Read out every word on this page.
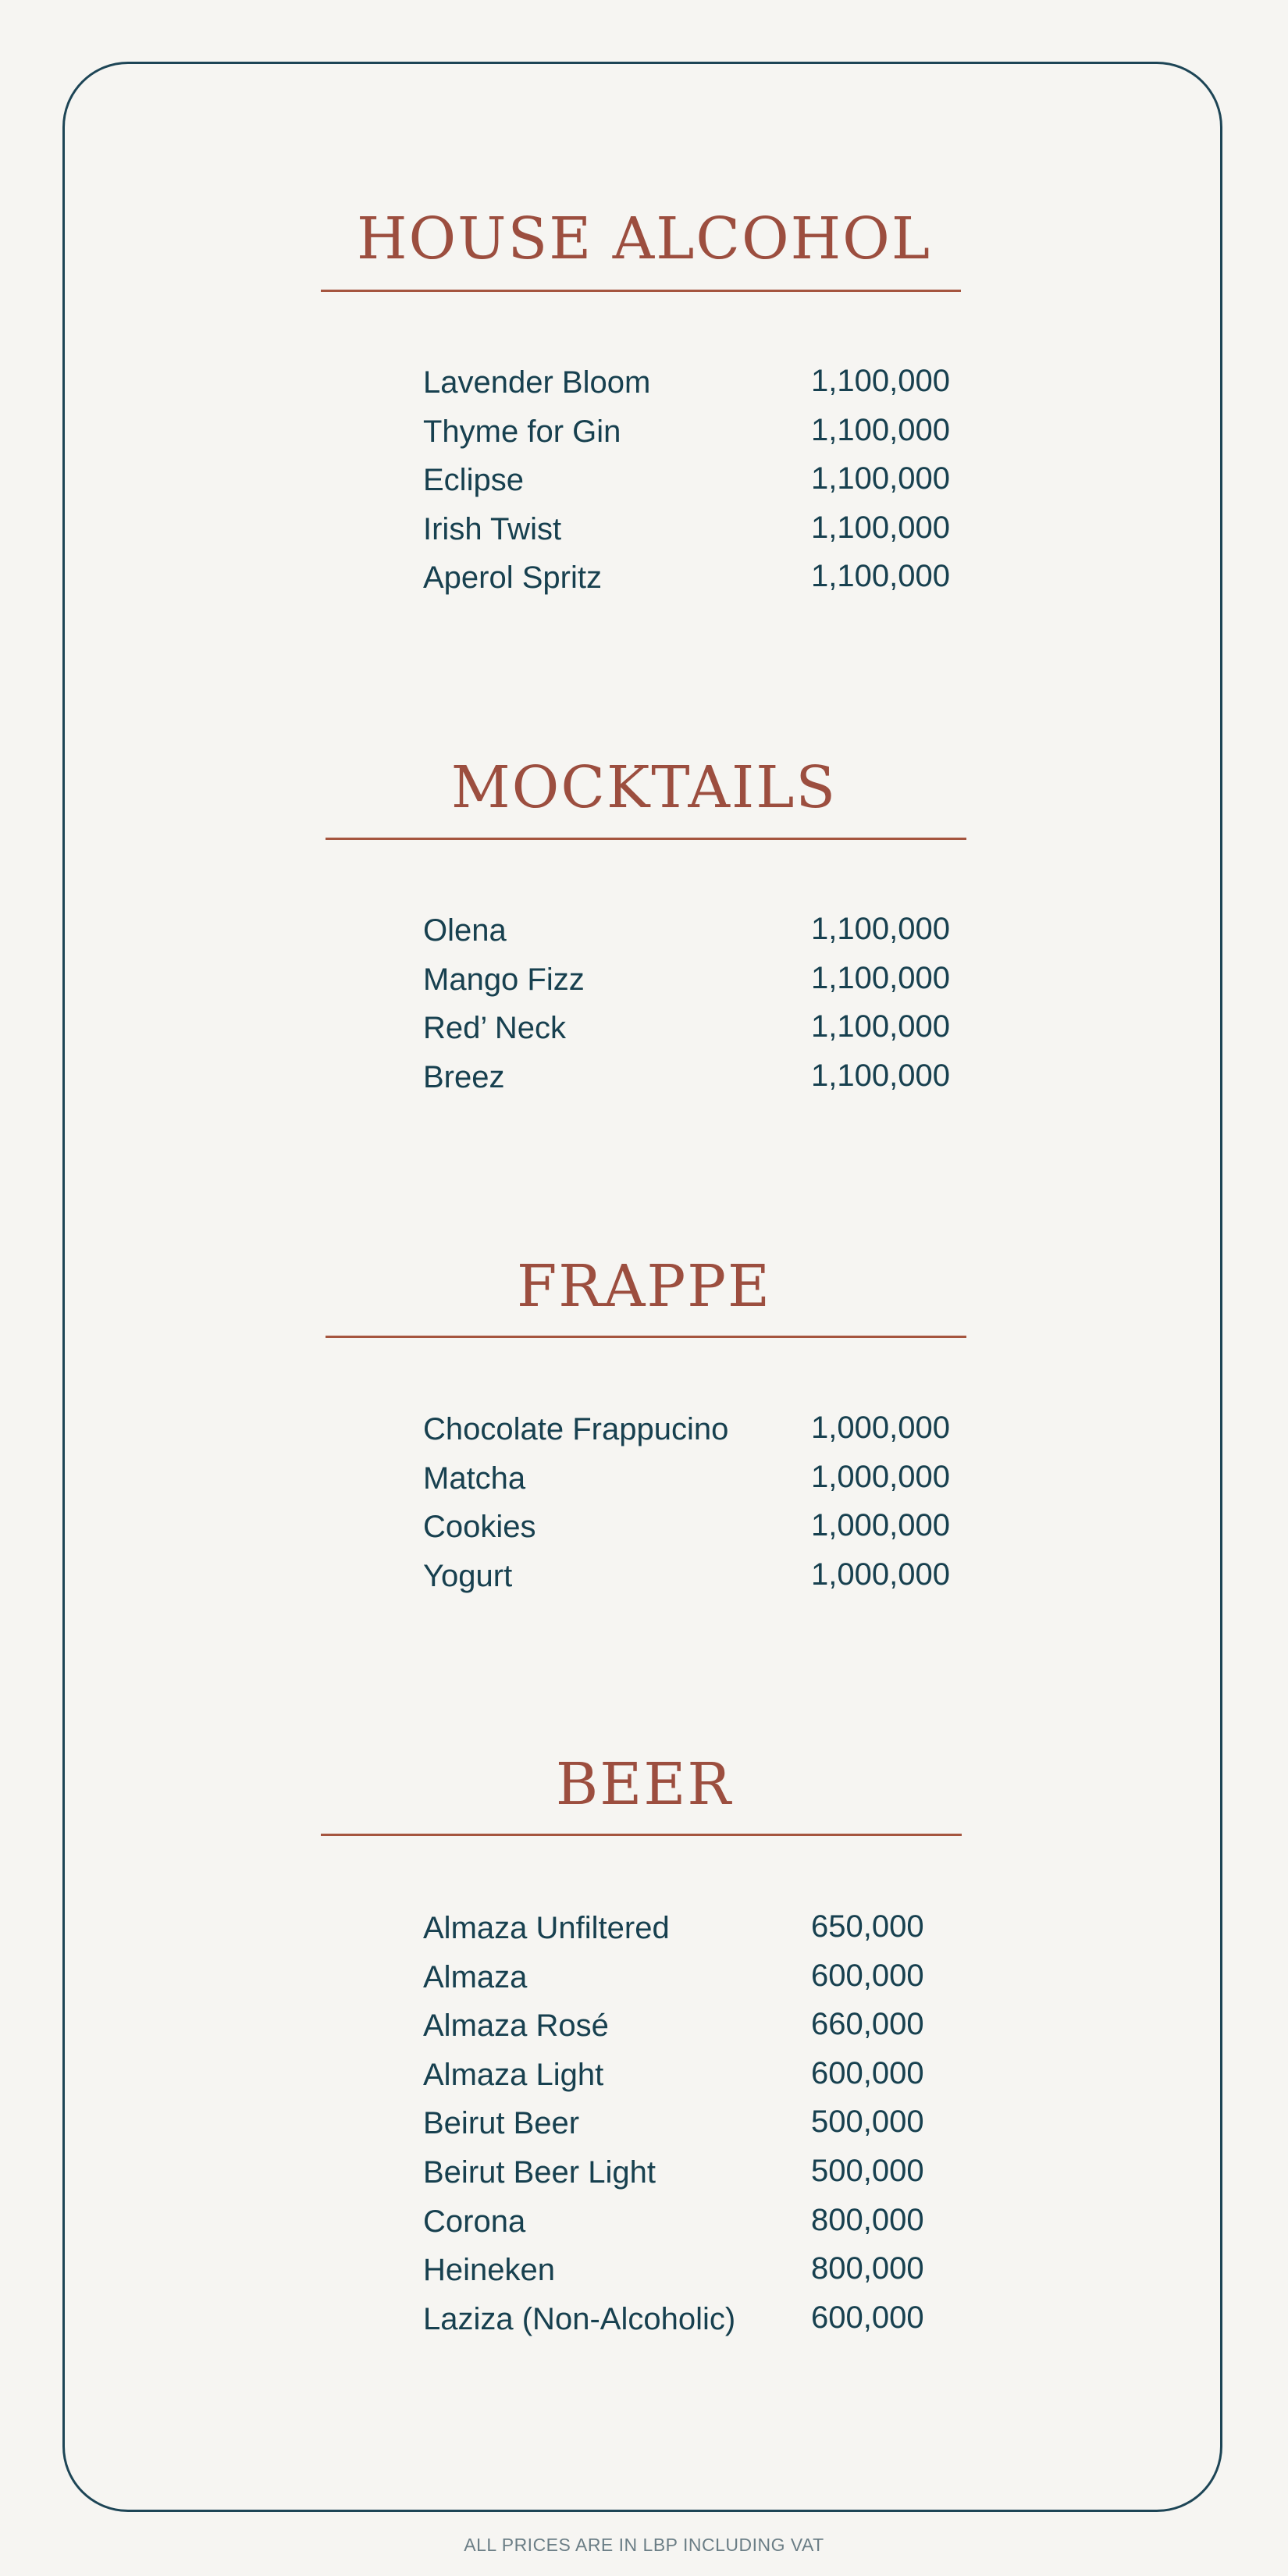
HOUSE ALCOHOL
Lavender Bloom	1,100,000
Thyme for Gin	1,100,000
Eclipse	1,100,000
Irish Twist	1,100,000
Aperol Spritz	1,100,000
MOCKTAILS
Olena	1,100,000
Mango Fizz	1,100,000
Red’ Neck	1,100,000
Breez	1,100,000
FRAPPE
Chocolate Frappucino	1,000,000
Matcha	1,000,000
Cookies	1,000,000
Yogurt	1,000,000
BEER
Almaza Unfiltered	650,000
Almaza	600,000
Almaza Rosé	660,000
Almaza Light	600,000
Beirut Beer	500,000
Beirut Beer Light	500,000
Corona	800,000
Heineken	800,000
Laziza (Non-Alcoholic) 600,000
ALL PRICES ARE IN LBP INCLUDING VAT
